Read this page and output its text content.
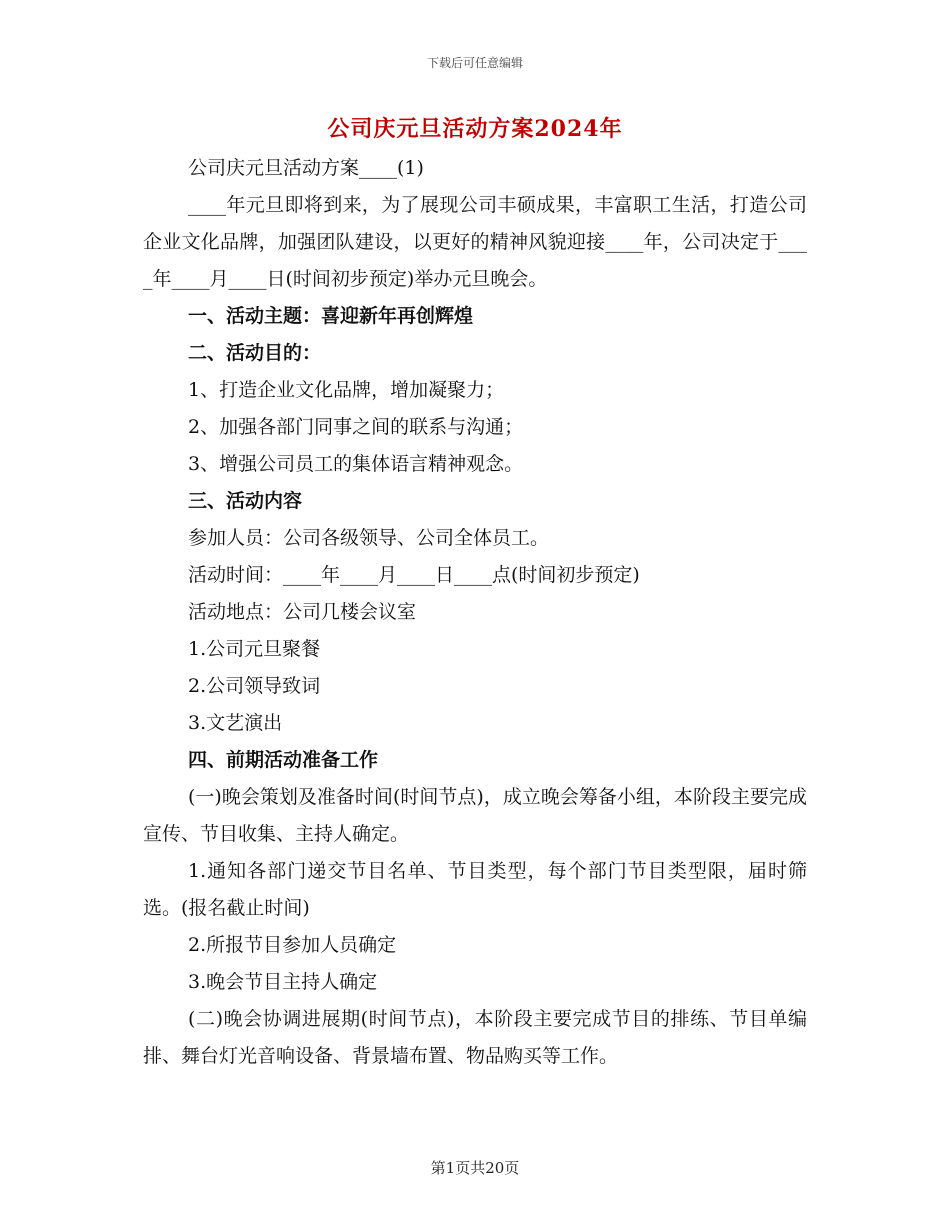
下载后可任意编辑
公司庆元旦活动方案2024年

公司庆元旦活动方案____(1)

____年元旦即将到来，为了展现公司丰硕成果，丰富职工生活，打造公司企业文化品牌，加强团队建设，以更好的精神风貌迎接____年，公司决定于____年____月____日(时间初步预定)举办元旦晚会。

一、活动主题：喜迎新年再创辉煌

二、活动目的：

1、打造企业文化品牌，增加凝聚力；

2、加强各部门同事之间的联系与沟通；

3、增强公司员工的集体语言精神观念。

三、活动内容

参加人员：公司各级领导、公司全体员工。

活动时间：____年____月____日____点(时间初步预定)

活动地点：公司几楼会议室

1.公司元旦聚餐

2.公司领导致词

3.文艺演出

四、前期活动准备工作

(一)晚会策划及准备时间(时间节点)，成立晚会筹备小组，本阶段主要完成宣传、节目收集、主持人确定。

1.通知各部门递交节目名单、节目类型，每个部门节目类型限，届时筛选。(报名截止时间)

2.所报节目参加人员确定

3.晚会节目主持人确定

(二)晚会协调进展期(时间节点)，本阶段主要完成节目的排练、节目单编排、舞台灯光音响设备、背景墙布置、物品购买等工作。

第1页共20页
